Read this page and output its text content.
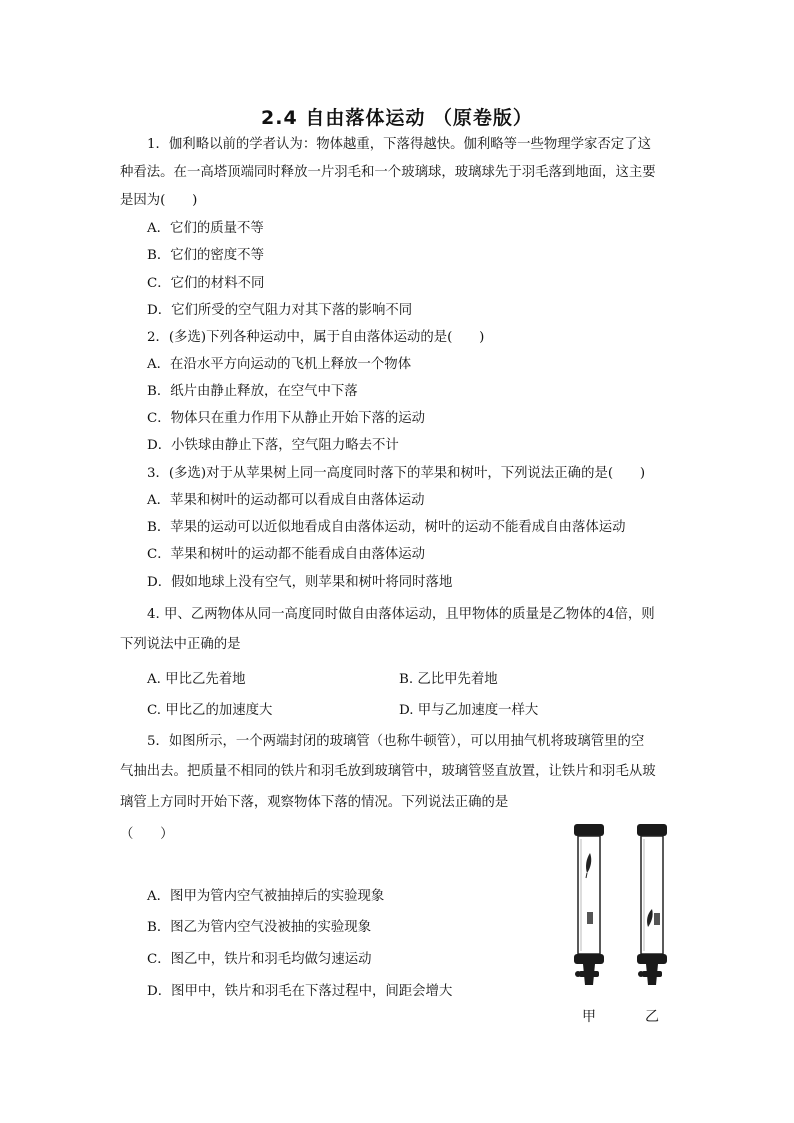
2.4 自由落体运动 （原卷版）
1．伽利略以前的学者认为：物体越重，下落得越快。伽利略等一些物理学家否定了这
种看法。在一高塔顶端同时释放一片羽毛和一个玻璃球，玻璃球先于羽毛落到地面，这主要
是因为(　　)
A．它们的质量不等
B．它们的密度不等
C．它们的材料不同
D．它们所受的空气阻力对其下落的影响不同
2．(多选)下列各种运动中，属于自由落体运动的是(　　)
A．在沿水平方向运动的飞机上释放一个物体
B．纸片由静止释放，在空气中下落
C．物体只在重力作用下从静止开始下落的运动
D．小铁球由静止下落，空气阻力略去不计
3．(多选)对于从苹果树上同一高度同时落下的苹果和树叶，下列说法正确的是(　　)
A．苹果和树叶的运动都可以看成自由落体运动
B．苹果的运动可以近似地看成自由落体运动，树叶的运动不能看成自由落体运动
C．苹果和树叶的运动都不能看成自由落体运动
D．假如地球上没有空气，则苹果和树叶将同时落地
4. 甲、乙两物体从同一高度同时做自由落体运动，且甲物体的质量是乙物体的4倍，则
下列说法中正确的是
A. 甲比乙先着地	B. 乙比甲先着地
C. 甲比乙的加速度大	D. 甲与乙加速度一样大
5．如图所示，一个两端封闭的玻璃管（也称牛顿管），可以用抽气机将玻璃管里的空
气抽出去。把质量不相同的铁片和羽毛放到玻璃管中，玻璃管竖直放置，让铁片和羽毛从玻
璃管上方同时开始下落，观察物体下落的情况。下列说法正确的是
（　　）
A．图甲为管内空气被抽掉后的实验现象
B．图乙为管内空气没被抽的实验现象
C．图乙中，铁片和羽毛均做匀速运动
D．图甲中，铁片和羽毛在下落过程中，间距会增大
甲	乙
